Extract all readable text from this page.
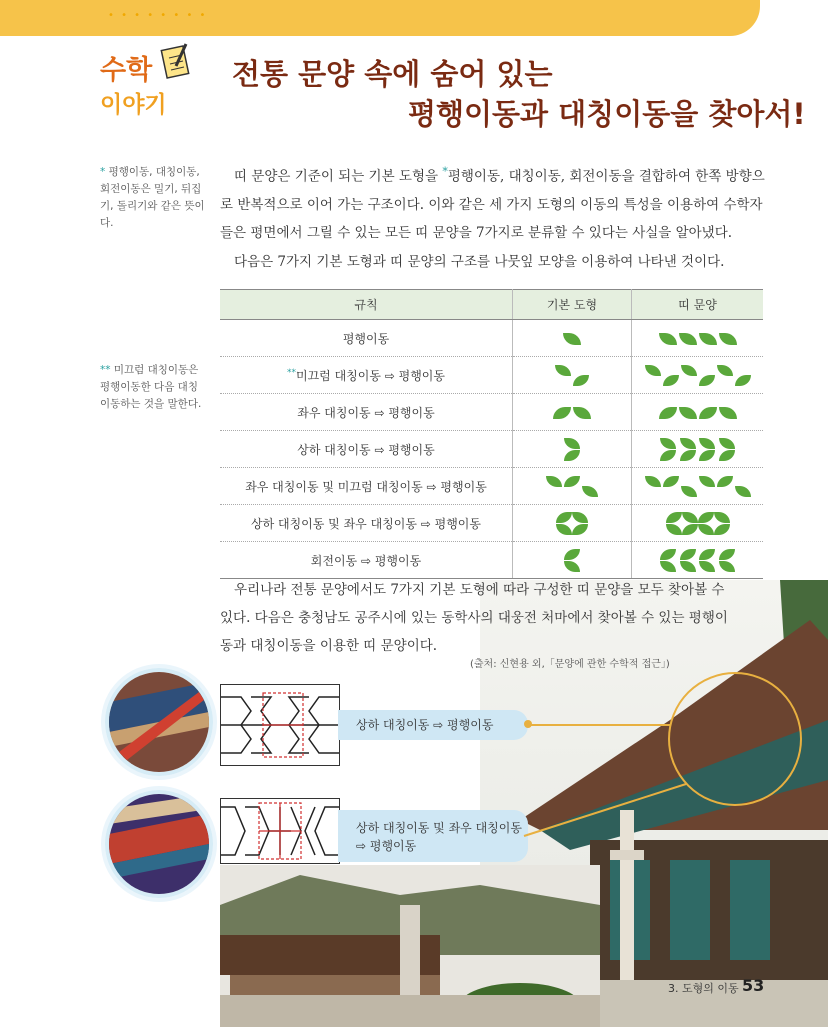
• • • • • • • •
수학
이야기
전통 문양 속에 숨어 있는
평행이동과 대칭이동을 찾아서!
* 평행이동, 대칭이동, 회전이동은 밀기, 뒤집기, 돌리기와 같은 뜻이다.
** 미끄럼 대칭이동은 평행이동한 다음 대칭이동하는 것을 말한다.
띠 문양은 기준이 되는 기본 도형을 *평행이동, 대칭이동, 회전이동을 결합하여 한쪽 방향으로 반복적으로 이어 가는 구조이다. 이와 같은 세 가지 도형의 이동의 특성을 이용하여 수학자들은 평면에서 그릴 수 있는 모든 띠 문양을 7가지로 분류할 수 있다는 사실을 알아냈다.
다음은 7가지 기본 도형과 띠 문양의 구조를 나뭇잎 모양을 이용하여 나타낸 것이다.
규칙	기본 도형	띠 문양
평행이동		
**미끄럼 대칭이동 ⇨ 평행이동		
좌우 대칭이동 ⇨ 평행이동		
상하 대칭이동 ⇨ 평행이동	

좌우 대칭이동 및 미끄럼 대칭이동 ⇨ 평행이동		
상하 대칭이동 및 좌우 대칭이동 ⇨ 평행이동	

회전이동 ⇨ 평행이동	

(출처: 신현용 외,「문양에 관한 수학적 접근」)
우리나라 전통 문양에서도 7가지 기본 도형에 따라 구성한 띠 문양을 모두 찾아볼 수 있다. 다음은 충청남도 공주시에 있는 동학사의 대웅전 처마에서 찾아볼 수 있는 평행이동과 대칭이동을 이용한 띠 문양이다.
상하 대칭이동 ⇨ 평행이동
상하 대칭이동 및 좌우 대칭이동
⇨ 평행이동
3. 도형의 이동 53
